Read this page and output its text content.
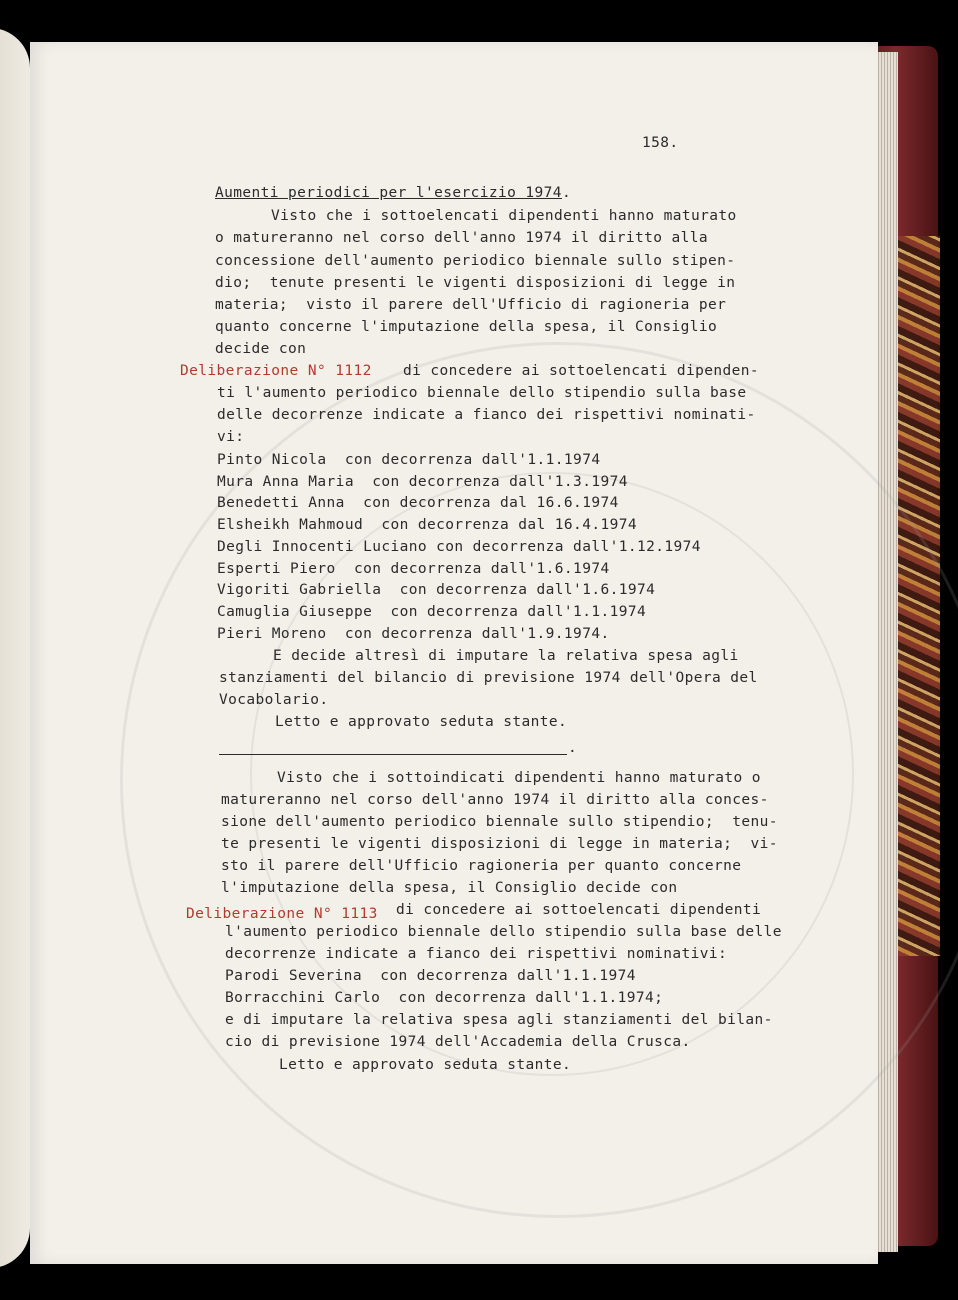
158.
Aumenti periodici per l'esercizio 1974.
Visto che i sottoelencati dipendenti hanno maturato
o matureranno nel corso dell'anno 1974 il diritto alla
concessione dell'aumento periodico biennale sullo stipen-
dio;  tenute presenti le vigenti disposizioni di legge in
materia;  visto il parere dell'Ufficio di ragioneria per
quanto concerne l'imputazione della spesa, il Consiglio
decide con
Deliberazione N° 1112 di concedere ai sottoelencati dipenden-
ti l'aumento periodico biennale dello stipendio sulla base
delle decorrenze indicate a fianco dei rispettivi nominati-
vi:
Pinto Nicola  con decorrenza dall'1.1.1974
Mura Anna Maria  con decorrenza dall'1.3.1974
Benedetti Anna  con decorrenza dal 16.6.1974
Elsheikh Mahmoud  con decorrenza dal 16.4.1974
Degli Innocenti Luciano con decorrenza dall'1.12.1974
Esperti Piero  con decorrenza dall'1.6.1974
Vigoriti Gabriella  con decorrenza dall'1.6.1974
Camuglia Giuseppe  con decorrenza dall'1.1.1974
Pieri Moreno  con decorrenza dall'1.9.1974.
E decide altresì di imputare la relativa spesa agli
stanziamenti del bilancio di previsione 1974 dell'Opera del
Vocabolario.
Letto e approvato seduta stante.
.
Visto che i sottoindicati dipendenti hanno maturato o
matureranno nel corso dell'anno 1974 il diritto alla conces-
sione dell'aumento periodico biennale sullo stipendio;  tenu-
te presenti le vigenti disposizioni di legge in materia;  vi-
sto il parere dell'Ufficio ragioneria per quanto concerne
l'imputazione della spesa, il Consiglio decide con
Deliberazione N° 1113 di concedere ai sottoelencati dipendenti
l'aumento periodico biennale dello stipendio sulla base delle
decorrenze indicate a fianco dei rispettivi nominativi:
Parodi Severina  con decorrenza dall'1.1.1974
Borracchini Carlo  con decorrenza dall'1.1.1974;
e di imputare la relativa spesa agli stanziamenti del bilan-
cio di previsione 1974 dell'Accademia della Crusca.
Letto e approvato seduta stante.
